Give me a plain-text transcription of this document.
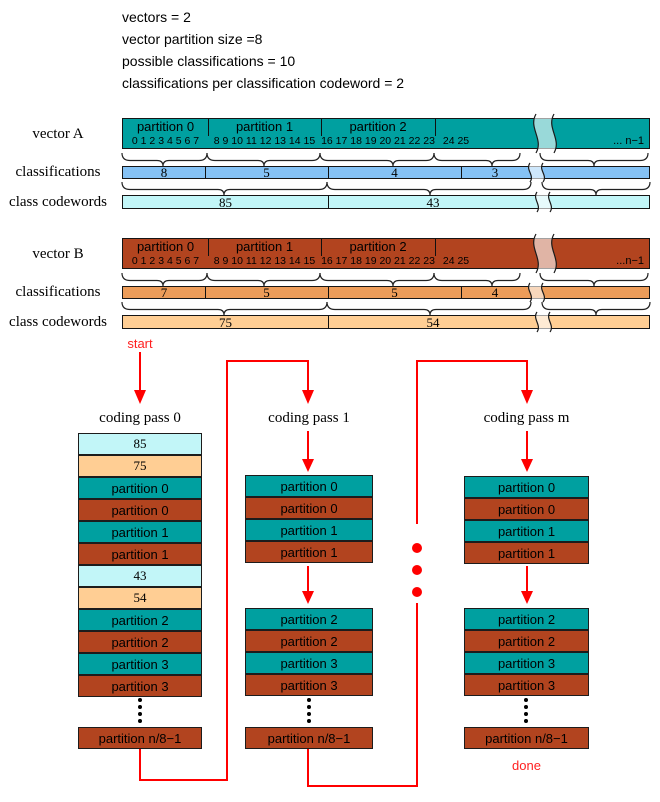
vectors = 2
vector partition size =8
possible classifications = 10
classifications per classification codeword = 2
vector A	partition 0	partition 1	partition 2
0 1 2 3 4 5 6 7	8 9 10 11 12 13 14 15 16 17 18 19 20 21 22 23 24 25	... n−1
classifications	8	5	4	3
class codewords	85	43
vector B	partition 0	partition 1	partition 2
0 1 2 3 4 5 6 7	8 9 10 11 12 13 14 15 16 17 18 19 20 21 22 23 24 25	...n−1
classifications	7	5	5	4
class codewords	75	54
start
done
coding pass 0	coding pass 1	coding pass m
85
75
partition 0
partition 0
partition 1
partition 1
43
54
partition 2
partition 2
partition 3
partition 3
partition n/8−1
partition 0
partition 0
partition 1
partition 1
partition 2
partition 2
partition 3
partition 3
partition n/8−1
partition 0
partition 0
partition 1
partition 1
partition 2
partition 2
partition 3
partition 3
partition n/8−1
